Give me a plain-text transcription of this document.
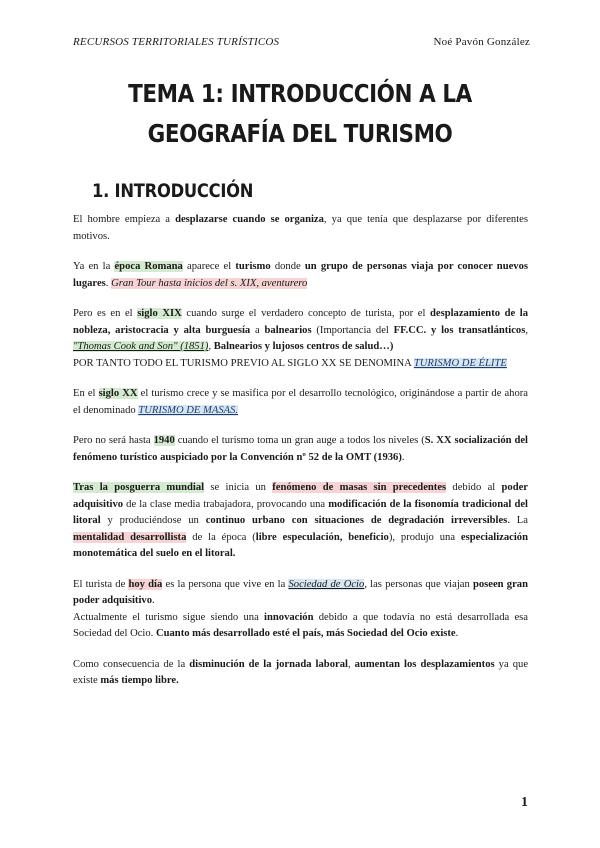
RECURSOS TERRITORIALES TURÍSTICOS	Noé Pavón González
TEMA 1: INTRODUCCIÓN A LA
GEOGRAFÍA DEL TURISMO
1. INTRODUCCIÓN

El hombre empieza a desplazarse cuando se organiza, ya que tenía que desplazarse por diferentes motivos.

Ya en la época Romana aparece el turismo donde un grupo de personas viaja por conocer nuevos lugares. Gran Tour hasta inicios del s. XIX, aventurero

Pero es en el siglo XIX cuando surge el verdadero concepto de turista, por el desplazamiento de la nobleza, aristocracia y alta burguesía a balnearios (Importancia del FF.CC. y los transatlánticos, "Thomas Cook and Son" (1851), Balnearios y lujosos centros de salud…)

POR TANTO TODO EL TURISMO PREVIO AL SIGLO XX SE DENOMINA TURISMO DE ÉLITE

En el siglo XX el turismo crece y se masifica por el desarrollo tecnológico, originándose a partir de ahora el denominado TURISMO DE MASAS.

Pero no será hasta 1940 cuando el turismo toma un gran auge a todos los niveles (S. XX socialización del fenómeno turístico auspiciado por la Convención nº 52 de la OMT (1936).

Tras la posguerra mundial se inicia un fenómeno de masas sin precedentes debido al poder adquisitivo de la clase media trabajadora, provocando una modificación de la fisonomía tradicional del litoral y produciéndose un continuo urbano con situaciones de degradación irreversibles. La mentalidad desarrollista de la época (libre especulación, beneficio), produjo una especialización monotemática del suelo en el litoral.

El turista de hoy día es la persona que vive en la Sociedad de Ocio, las personas que viajan poseen gran poder adquisitivo.

Actualmente el turismo sigue siendo una innovación debido a que todavía no está desarrollada esa Sociedad del Ocio. Cuanto más desarrollado esté el país, más Sociedad del Ocio existe.

Como consecuencia de la disminución de la jornada laboral, aumentan los desplazamientos ya que existe más tiempo libre.

1
